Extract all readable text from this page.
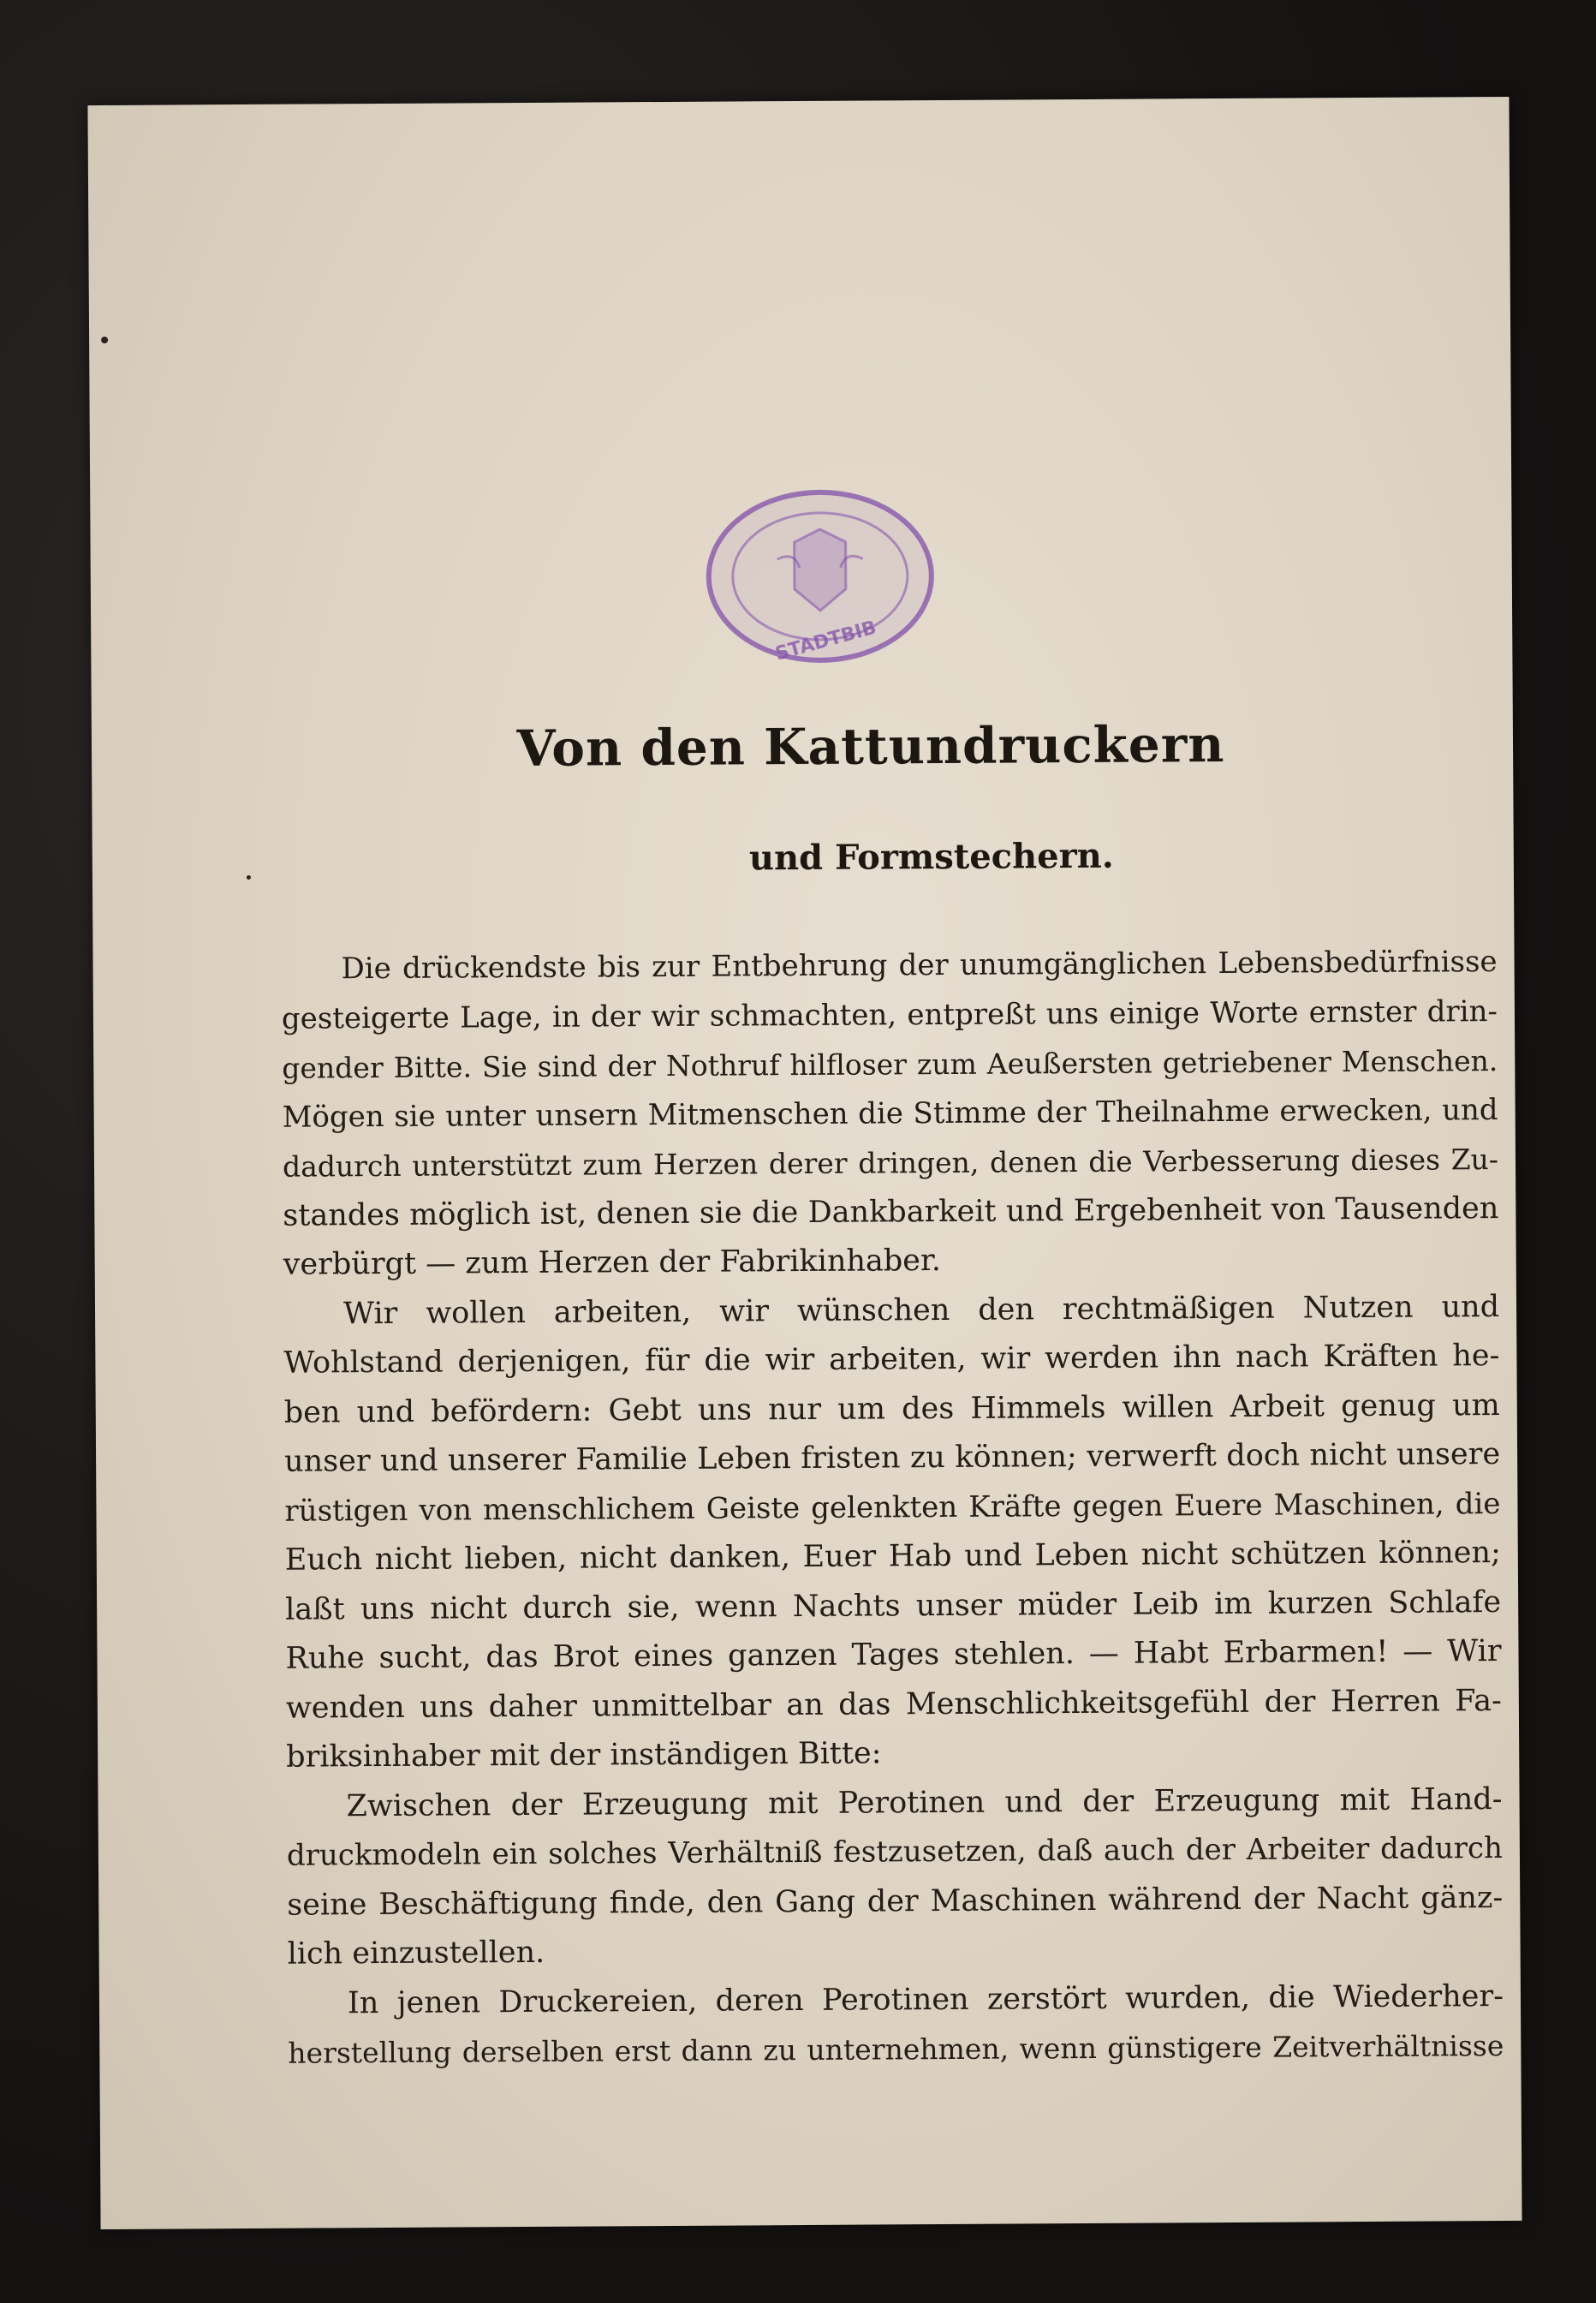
STADTBIB
Von den Kattundruckern
und Formstechern.
Die drückendste bis zur Entbehrung der unumgänglichen Lebensbedürfnisse
gesteigerte Lage, in der wir schmachten, entpreßt uns einige Worte ernster drin-
gender Bitte. Sie sind der Nothruf hilfloser zum Aeußersten getriebener Menschen.
Mögen sie unter unsern Mitmenschen die Stimme der Theilnahme erwecken, und
dadurch unterstützt zum Herzen derer dringen, denen die Verbesserung dieses Zu-
standes möglich ist, denen sie die Dankbarkeit und Ergebenheit von Tausenden
verbürgt — zum Herzen der Fabrikinhaber.
Wir wollen arbeiten, wir wünschen den rechtmäßigen Nutzen und
Wohlstand derjenigen, für die wir arbeiten, wir werden ihn nach Kräften he-
ben und befördern: Gebt uns nur um des Himmels willen Arbeit genug um
unser und unserer Familie Leben fristen zu können; verwerft doch nicht unsere
rüstigen von menschlichem Geiste gelenkten Kräfte gegen Euere Maschinen, die
Euch nicht lieben, nicht danken, Euer Hab und Leben nicht schützen können;
laßt uns nicht durch sie, wenn Nachts unser müder Leib im kurzen Schlafe
Ruhe sucht, das Brot eines ganzen Tages stehlen. — Habt Erbarmen! — Wir
wenden uns daher unmittelbar an das Menschlichkeitsgefühl der Herren Fa-
briksinhaber mit der inständigen Bitte:
Zwischen der Erzeugung mit Perotinen und der Erzeugung mit Hand-
druckmodeln ein solches Verhältniß festzusetzen, daß auch der Arbeiter dadurch
seine Beschäftigung finde, den Gang der Maschinen während der Nacht gänz-
lich einzustellen.
In jenen Druckereien, deren Perotinen zerstört wurden, die Wiederher-
herstellung derselben erst dann zu unternehmen, wenn günstigere Zeitverhältnisse
